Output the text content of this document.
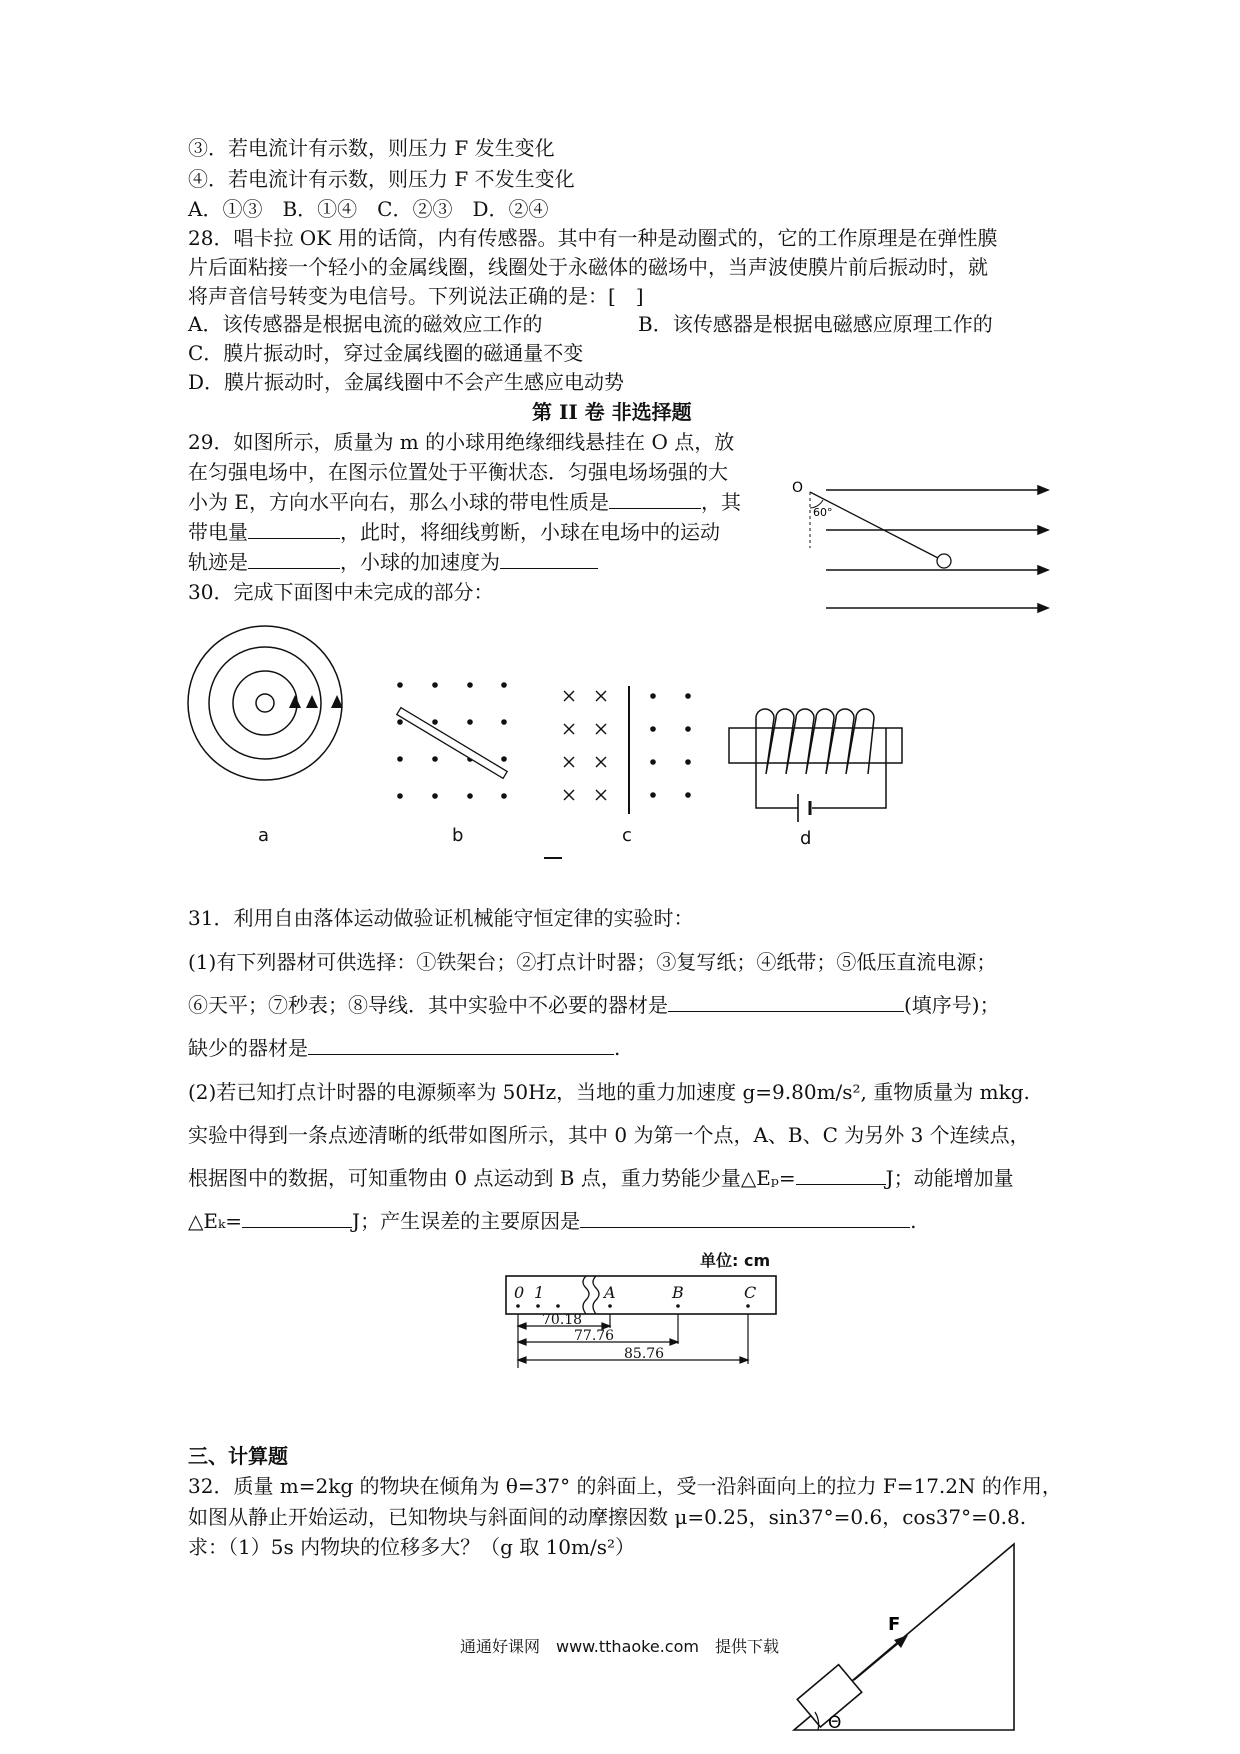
③．若电流计有示数，则压力 F 发生变化
④．若电流计有示数，则压力 F 不发生变化
A．①③　B．①④　C．②③　D．②④
28．唱卡拉 OK 用的话筒，内有传感器。其中有一种是动圈式的，它的工作原理是在弹性膜
片后面粘接一个轻小的金属线圈，线圈处于永磁体的磁场中，当声波使膜片前后振动时，就
将声音信号转变为电信号。下列说法正确的是：[　]
A．该传感器是根据电流的磁效应工作的	B．该传感器是根据电磁感应原理工作的
C．膜片振动时，穿过金属线圈的磁通量不变
D．膜片振动时，金属线圈中不会产生感应电动势
第 II 卷 非选择题
29．如图所示，质量为 m 的小球用绝缘细线悬挂在 O 点，放
在匀强电场中，在图示位置处于平衡状态．匀强电场场强的大
小为 E，方向水平向右，那么小球的带电性质是	，其
带电量	，此时，将细线剪断，小球在电场中的运动
轨迹是	，小球的加速度为
O
60°
30．完成下面图中未完成的部分：
a	b	c	d
31．利用自由落体运动做验证机械能守恒定律的实验时：
(1)有下列器材可供选择：①铁架台；②打点计时器；③复写纸；④纸带；⑤低压直流电源；
⑥天平；⑦秒表；⑧导线．其中实验中不必要的器材是	(填序号)；
缺少的器材是	.
(2)若已知打点计时器的电源频率为 50Hz，当地的重力加速度 g=9.80m/s², 重物质量为 mkg.
实验中得到一条点迹清晰的纸带如图所示，其中 0 为第一个点，A、B、C 为另外 3 个连续点，
根据图中的数据，可知重物由 0 点运动到 B 点，重力势能少量△Eₚ=	J；动能增加量
△Eₖ=	J；产生误差的主要原因是	.
单位: cm
0 1	A	B	C
70.18
77.76
85.76
三、计算题
32．质量 m=2kg 的物块在倾角为 θ=37° 的斜面上，受一沿斜面向上的拉力 F=17.2N 的作用，
如图从静止开始运动，已知物块与斜面间的动摩擦因数 μ=0.25，sin37°=0.6，cos37°=0.8.
求：（1）5s 内物块的位移多大？（g 取 10m/s²）
F
Θ
通通好课网　www.tthaoke.com　提供下载
